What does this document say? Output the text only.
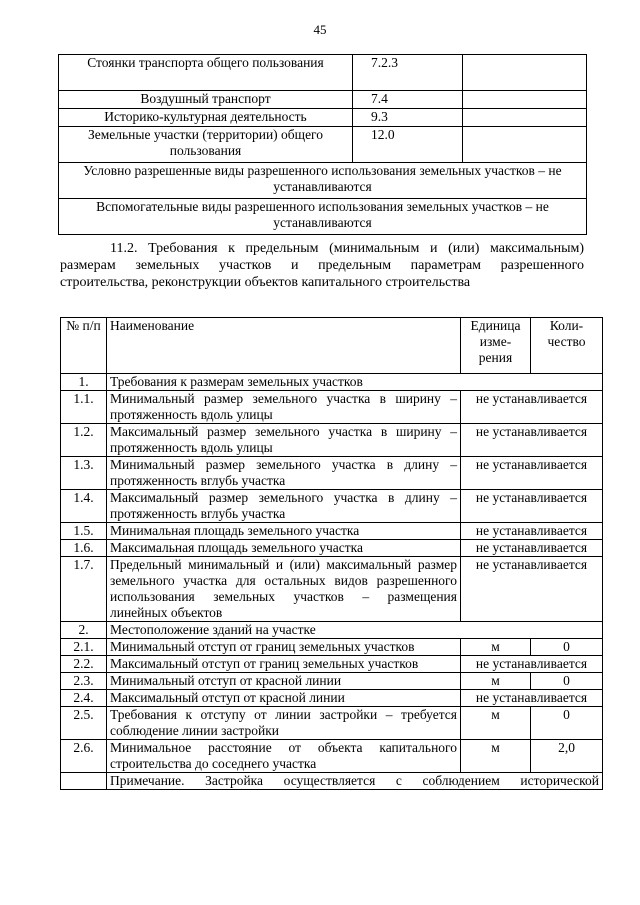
45
Стоянки транспорта общего пользования	7.2.3	
Воздушный транспорт	7.4	
Историко-культурная деятельность	9.3	
Земельные участки (территории) общего пользования	12.0	
Условно разрешенные виды разрешенного использования земельных участков – не устанавливаются		
Вспомогательные виды разрешенного использования земельных участков – не устанавливаются		

11.2. Требования к предельным (минимальным и (или) максимальным)

размерам земельных участков и предельным параметрам разрешенного

строительства, реконструкции объектов капитального строительства

№ п/п	Наименование	Единица изме-рения	Коли-чество
1.	Требования к размерам земельных участков		
1.1.	Минимальный размер земельного участка в ширину – протяженность вдоль улицы	не устанавливается	
1.2.	Максимальный размер земельного участка в ширину – протяженность вдоль улицы	не устанавливается	
1.3.	Минимальный размер земельного участка в длину – протяженность вглубь участка	не устанавливается	
1.4.	Максимальный размер земельного участка в длину – протяженность вглубь участка	не устанавливается	
1.5.	Минимальная площадь земельного участка	не устанавливается	
1.6.	Максимальная площадь земельного участка	не устанавливается	
1.7.	Предельный минимальный и (или) максимальный размер земельного участка для остальных видов разрешенного использования земельных участков – размещения линейных объектов	не устанавливается	
2.	Местоположение зданий на участке		
2.1.	Минимальный отступ от границ земельных участков	м	0
2.2.	Максимальный отступ от границ земельных участков	не устанавливается	
2.3.	Минимальный отступ от красной линии	м	0
2.4.	Максимальный отступ от красной линии	не устанавливается	
2.5.	Требования к отступу от линии застройки – требуется соблюдение линии застройки	м	0
2.6.	Минимальное расстояние от объекта капитального строительства до соседнего участка	м	2,0
	Примечание. Застройка осуществляется с соблюдением исторической		
